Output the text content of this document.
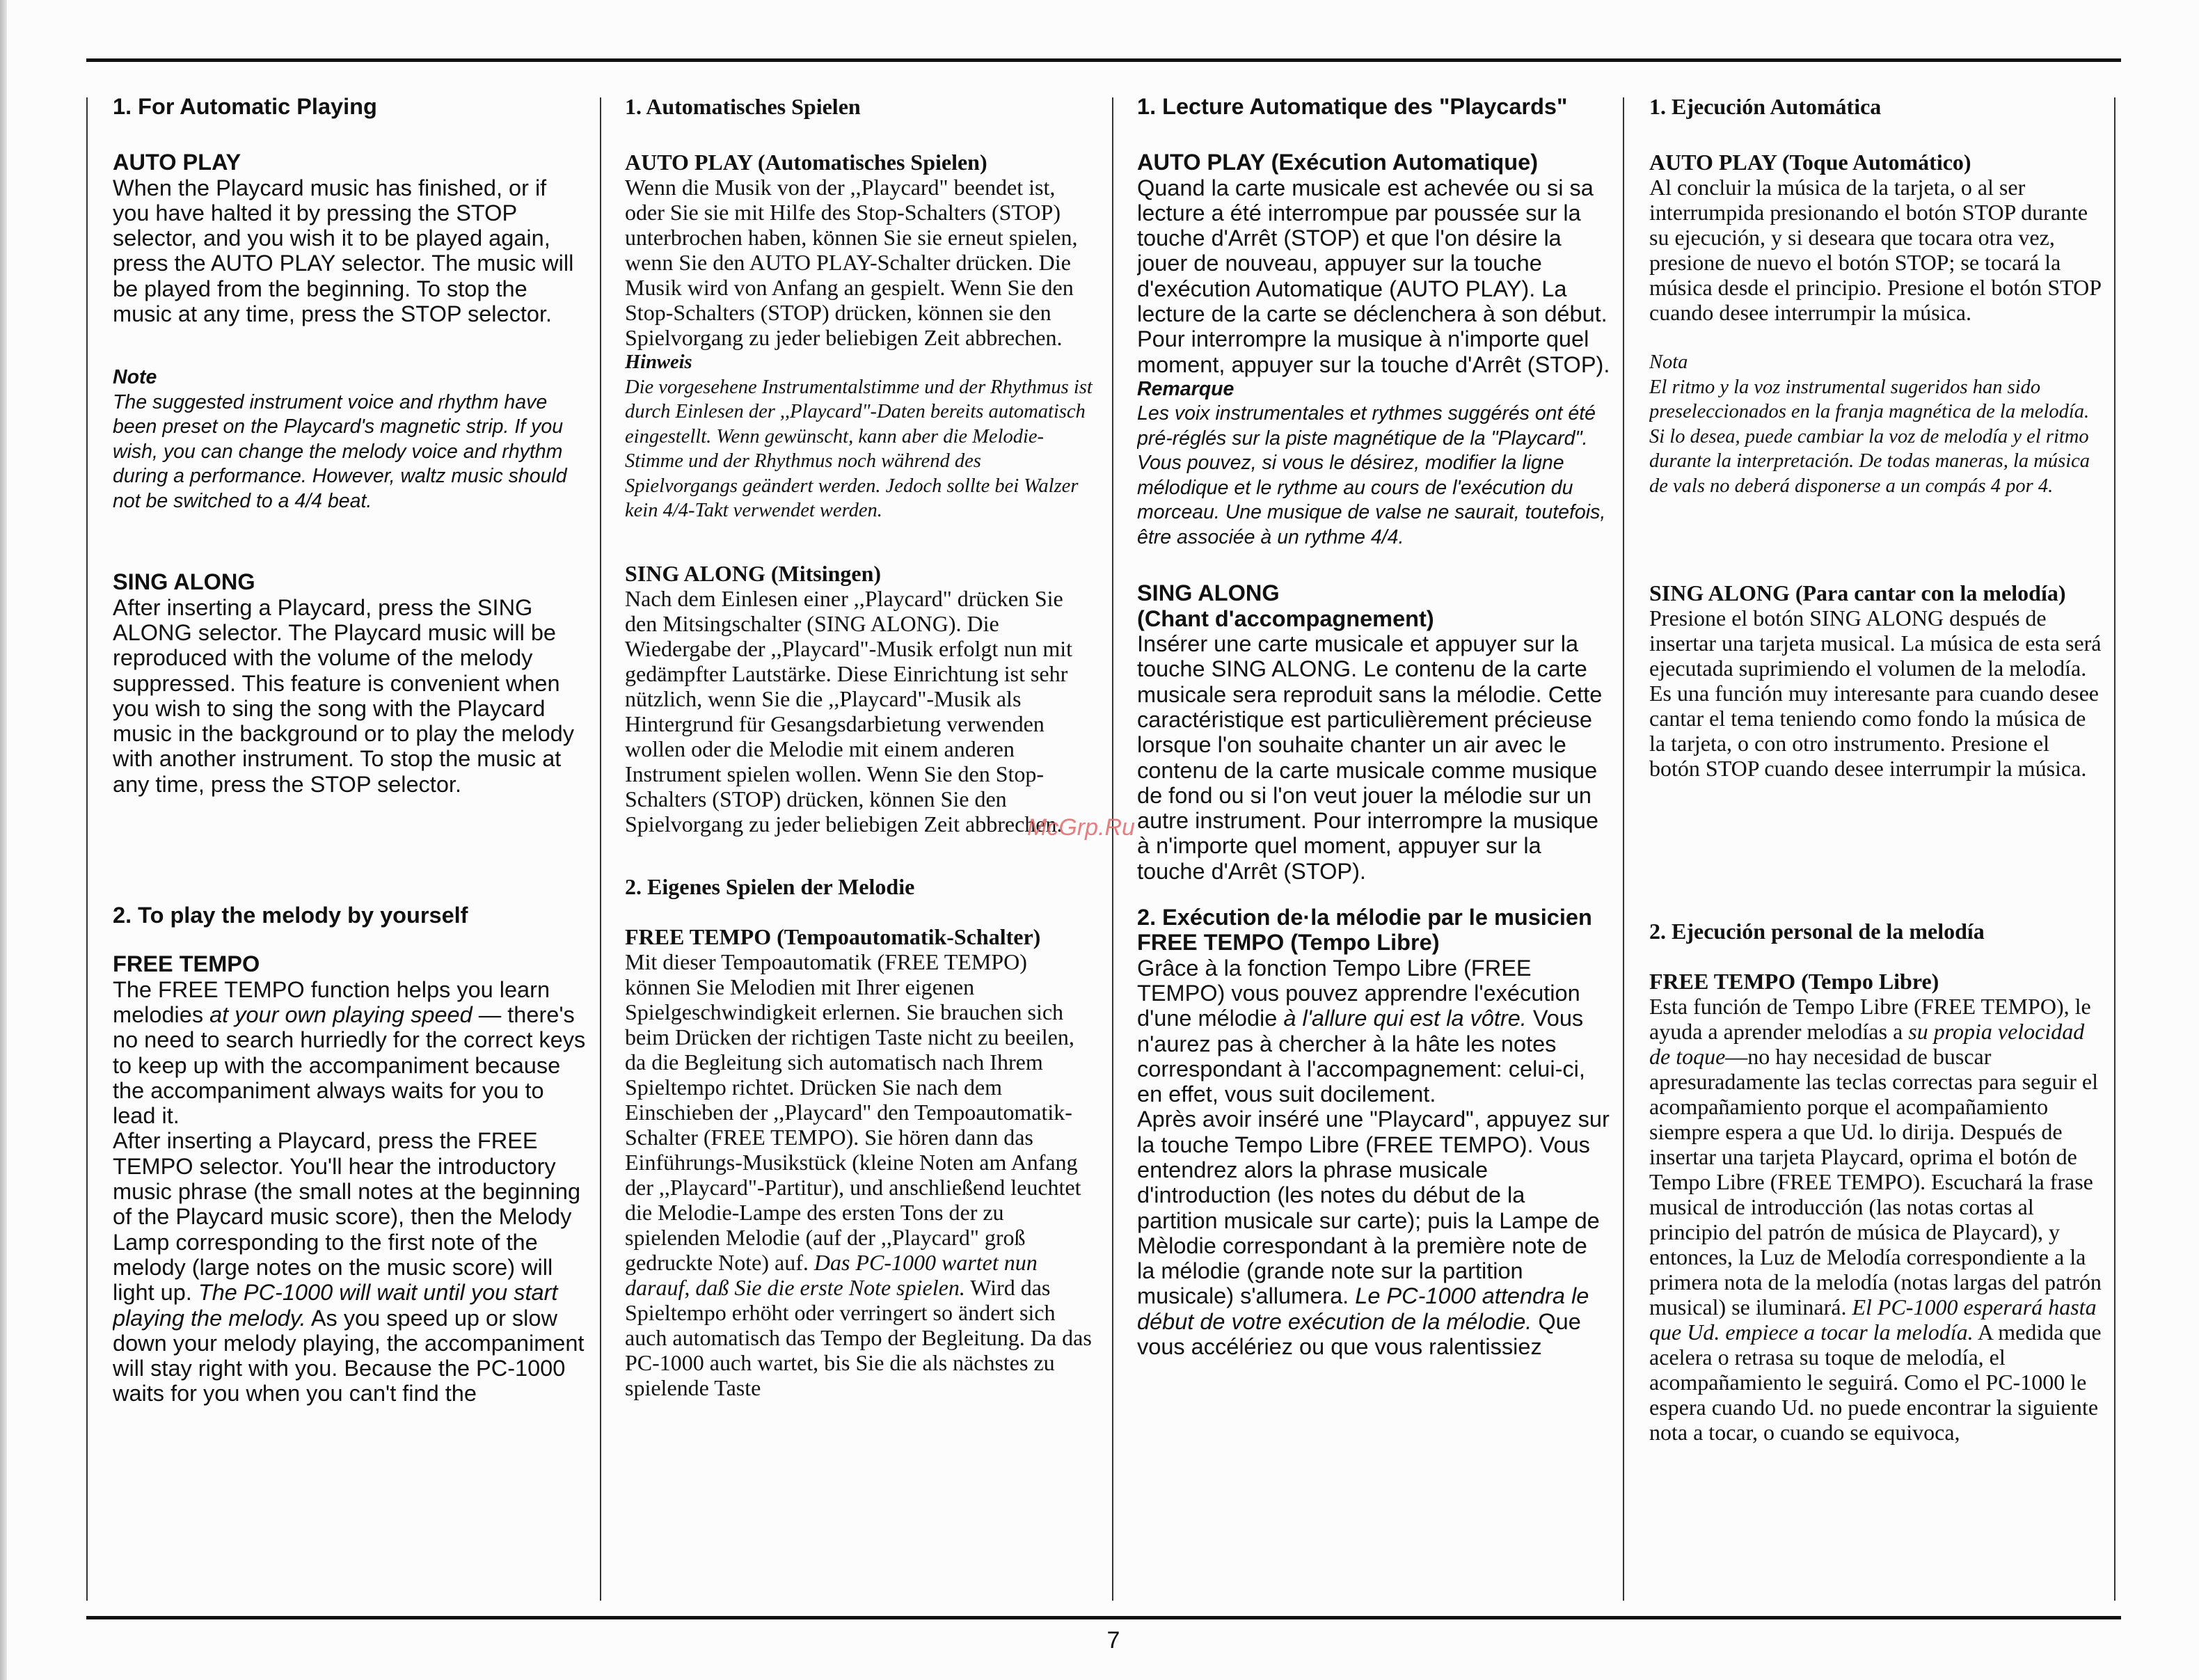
1. For Automatic Playing

AUTO PLAY

When the Playcard music has finished, or if you have halted it by pressing the STOP selector, and you wish it to be played again, press the AUTO PLAY selector. The music will be played from the beginning. To stop the music at any time, press the STOP selector.

Note

The suggested instrument voice and rhythm have been preset on the Playcard's magnetic strip. If you wish, you can change the melody voice and rhythm during a performance. However, waltz music should not be switched to a 4/4 beat.

SING ALONG

After inserting a Playcard, press the SING ALONG selector. The Playcard music will be reproduced with the volume of the melody suppressed. This feature is convenient when you wish to sing the song with the Playcard music in the background or to play the melody with another instrument. To stop the music at any time, press the STOP selector.

2. To play the melody by yourself

FREE TEMPO

The FREE TEMPO function helps you learn melodies at your own playing speed — there's no need to search hurriedly for the correct keys to keep up with the accompaniment because the accompaniment always waits for you to lead it.

After inserting a Playcard, press the FREE TEMPO selector. You'll hear the introductory music phrase (the small notes at the beginning of the Playcard music score), then the Melody Lamp corresponding to the first note of the melody (large notes on the music score) will light up. The PC-1000 will wait until you start playing the melody. As you speed up or slow down your melody playing, the accompaniment will stay right with you. Because the PC-1000 waits for you when you can't find the

1. Automatisches Spielen

AUTO PLAY (Automatisches Spielen)

Wenn die Musik von der ,,Playcard" beendet ist, oder Sie sie mit Hilfe des Stop-Schalters (STOP) unterbrochen haben, können Sie sie erneut spielen, wenn Sie den AUTO PLAY-Schalter drücken. Die Musik wird von Anfang an gespielt. Wenn Sie den Stop-Schalters (STOP) drücken, können sie den Spielvorgang zu jeder beliebigen Zeit abbrechen.

Hinweis

Die vorgesehene Instrumentalstimme und der Rhythmus ist durch Einlesen der ,,Playcard"-Daten bereits automatisch eingestellt. Wenn gewünscht, kann aber die Melodie-Stimme und der Rhythmus noch während des Spielvorgangs geändert werden. Jedoch sollte bei Walzer kein 4/4-Takt verwendet werden.

SING ALONG (Mitsingen)

Nach dem Einlesen einer ,,Playcard" drücken Sie den Mitsingschalter (SING ALONG). Die Wiedergabe der ,,Playcard"-Musik erfolgt nun mit gedämpfter Lautstärke. Diese Einrichtung ist sehr nützlich, wenn Sie die ,,Playcard"-Musik als Hintergrund für Gesangsdarbietung verwenden wollen oder die Melodie mit einem anderen Instrument spielen wollen. Wenn Sie den Stop-Schalters (STOP) drücken, können Sie den Spielvorgang zu jeder beliebigen Zeit abbrechen.

2. Eigenes Spielen der Melodie

FREE TEMPO (Tempoautomatik-Schalter)

Mit dieser Tempoautomatik (FREE TEMPO) können Sie Melodien mit Ihrer eigenen Spielgeschwindigkeit erlernen. Sie brauchen sich beim Drücken der richtigen Taste nicht zu beeilen, da die Begleitung sich automatisch nach Ihrem Spieltempo richtet. Drücken Sie nach dem Einschieben der ,,Playcard" den Tempoautomatik-Schalter (FREE TEMPO). Sie hören dann das Einführungs-Musikstück (kleine Noten am Anfang der ,,Playcard"-Partitur), und anschließend leuchtet die Melodie-Lampe des ersten Tons der zu spielenden Melodie (auf der ,,Playcard" groß gedruckte Note) auf. Das PC-1000 wartet nun darauf, daß Sie die erste Note spielen. Wird das Spieltempo erhöht oder verringert so ändert sich auch automatisch das Tempo der Begleitung. Da das PC-1000 auch wartet, bis Sie die als nächstes zu spielende Taste

1. Lecture Automatique des "Playcards"

AUTO PLAY (Exécution Automatique)

Quand la carte musicale est achevée ou si sa lecture a été interrompue par poussée sur la touche d'Arrêt (STOP) et que l'on désire la jouer de nouveau, appuyer sur la touche d'exécution Automatique (AUTO PLAY). La lecture de la carte se déclenchera à son début. Pour interrompre la musique à n'importe quel moment, appuyer sur la touche d'Arrêt (STOP).

Remarque

Les voix instrumentales et rythmes suggérés ont été pré-réglés sur la piste magnétique de la "Playcard". Vous pouvez, si vous le désirez, modifier la ligne mélodique et le rythme au cours de l'exécution du morceau. Une musique de valse ne saurait, toutefois, être associée à un rythme 4/4.

SING ALONG

(Chant d'accompagnement)

Insérer une carte musicale et appuyer sur la touche SING ALONG. Le contenu de la carte musicale sera reproduit sans la mélodie. Cette caractéristique est particulièrement précieuse lorsque l'on souhaite chanter un air avec le contenu de la carte musicale comme musique de fond ou si l'on veut jouer la mélodie sur un autre instrument. Pour interrompre la musique à n'importe quel moment, appuyer sur la touche d'Arrêt (STOP).

2. Exécution de·la mélodie par le musicien

FREE TEMPO (Tempo Libre)

Grâce à la fonction Tempo Libre (FREE TEMPO) vous pouvez apprendre l'exécution d'une mélodie à l'allure qui est la vôtre. Vous n'aurez pas à chercher à la hâte les notes correspondant à l'accompagnement: celui-ci, en effet, vous suit docilement.

Après avoir inséré une "Playcard", appuyez sur la touche Tempo Libre (FREE TEMPO). Vous entendrez alors la phrase musicale d'introduction (les notes du début de la partition musicale sur carte); puis la Lampe de Mèlodie correspondant à la première note de la mélodie (grande note sur la partition musicale) s'allumera. Le PC-1000 attendra le début de votre exécution de la mélodie. Que vous accélériez ou que vous ralentissiez

1. Ejecución Automática

AUTO PLAY (Toque Automático)

Al concluir la música de la tarjeta, o al ser interrumpida presionando el botón STOP durante su ejecución, y si deseara que tocara otra vez, presione de nuevo el botón STOP; se tocará la música desde el principio. Presione el botón STOP cuando desee interrumpir la música.

Nota

El ritmo y la voz instrumental sugeridos han sido preseleccionados en la franja magnética de la melodía. Si lo desea, puede cambiar la voz de melodía y el ritmo durante la interpretación. De todas maneras, la música de vals no deberá disponerse a un compás 4 por 4.

SING ALONG (Para cantar con la melodía)

Presione el botón SING ALONG después de insertar una tarjeta musical. La música de esta será ejecutada suprimiendo el volumen de la melodía. Es una función muy interesante para cuando desee cantar el tema teniendo como fondo la música de la tarjeta, o con otro instrumento. Presione el botón STOP cuando desee interrumpir la música.

2. Ejecución personal de la melodía

FREE TEMPO (Tempo Libre)

Esta función de Tempo Libre (FREE TEMPO), le ayuda a aprender melodías a su propia velocidad de toque—no hay necesidad de buscar apresuradamente las teclas correctas para seguir el acompañamiento porque el acompañamiento siempre espera a que Ud. lo dirija. Después de insertar una tarjeta Playcard, oprima el botón de Tempo Libre (FREE TEMPO). Escuchará la frase musical de introducción (las notas cortas al principio del patrón de música de Playcard), y entonces, la Luz de Melodía correspondiente a la primera nota de la melodía (notas largas del patrón musical) se iluminará. El PC-1000 esperará hasta que Ud. empiece a tocar la melodía. A medida que acelera o retrasa su toque de melodía, el acompañamiento le seguirá. Como el PC-1000 le espera cuando Ud. no puede encontrar la siguiente nota a tocar, o cuando se equivoca,

McGrp.Ru
7
